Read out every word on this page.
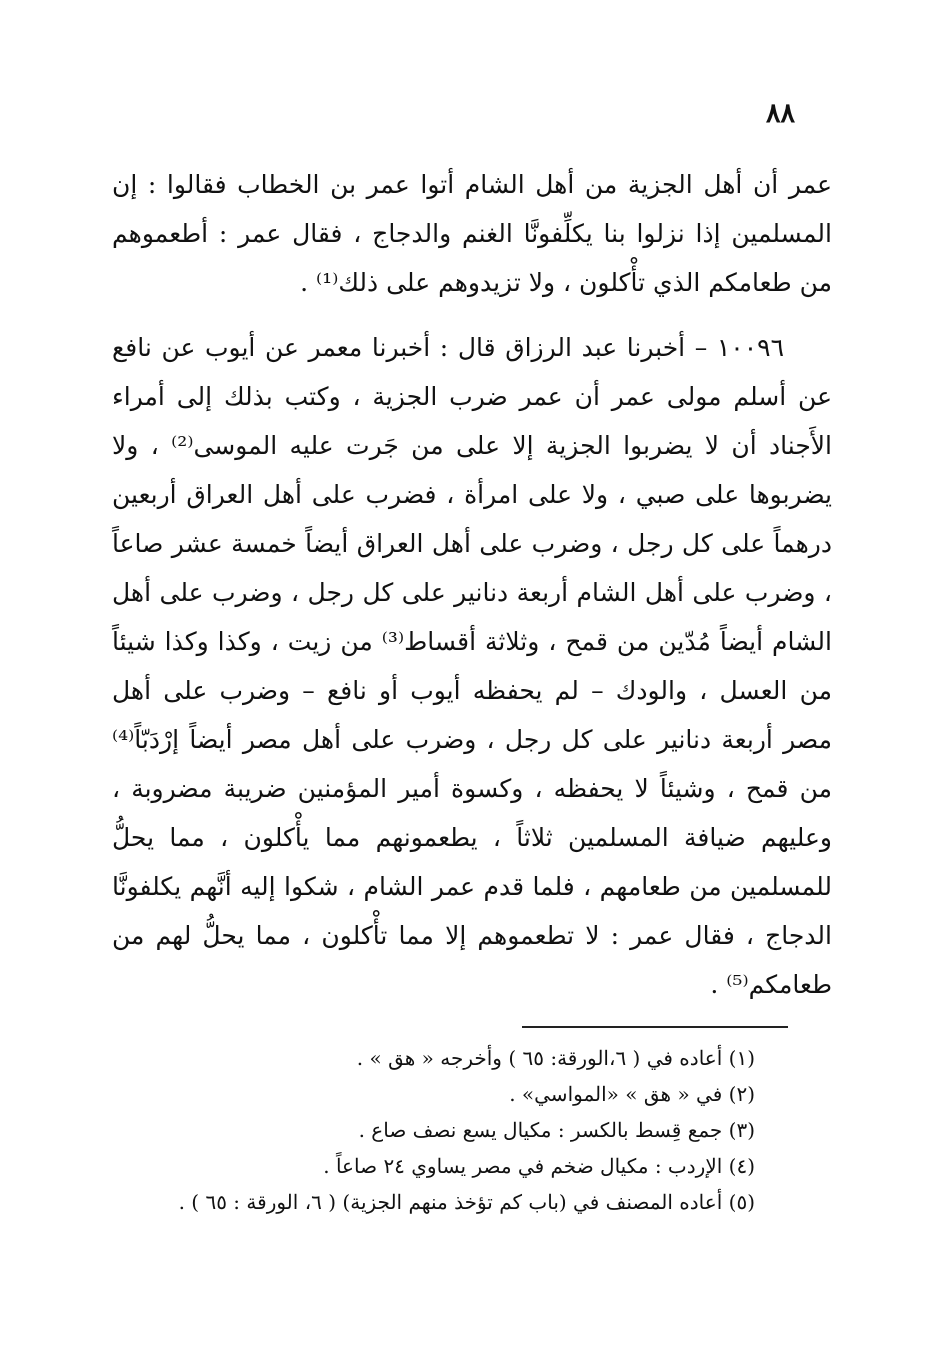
٨٨

عمر أن أهل الجزية من أهل الشام أتوا عمر بن الخطاب فقالوا : إن المسلمين إذا نزلوا بنا يكلِّفونَّا الغنم والدجاج ، فقال عمر : أطعموهم من طعامكم الذي تأْكلون ، ولا تزيدوهم على ذلك⁽¹⁾ .

١٠٠٩٦ – أخبرنا عبد الرزاق قال : أخبرنا معمر عن أيوب عن نافع عن أسلم مولى عمر أن عمر ضرب الجزية ، وكتب بذلك إلى أمراء الأَجناد أن لا يضربوا الجزية إلا على من جَرت عليه الموسى⁽²⁾ ، ولا يضربوها على صبي ، ولا على امرأة ، فضرب على أهل العراق أربعين درهماً على كل رجل ، وضرب على أهل العراق أيضاً خمسة عشر صاعاً ، وضرب على أهل الشام أربعة دنانير على كل رجل ، وضرب على أهل الشام أيضاً مُدّين من قمح ، وثلاثة أقساط⁽³⁾ من زيت ، وكذا وكذا شيئاً من العسل ، والودك – لم يحفظه أيوب أو نافع – وضرب على أهل مصر أربعة دنانير على كل رجل ، وضرب على أهل مصر أيضاً إرْدَبّاً⁽⁴⁾ من قمح ، وشيئاً لا يحفظه ، وكسوة أمير المؤمنين ضريبة مضروبة ، وعليهم ضيافة المسلمين ثلاثاً ، يطعمونهم مما يأْكلون ، مما يحلُّ للمسلمين من طعامهم ، فلما قدم عمر الشام ، شكوا إليه أنَّهم يكلفونَّا الدجاج ، فقال عمر : لا تطعموهم إلا مما تأْكلون ، مما يحلُّ لهم من طعامكم⁽⁵⁾ .

(١) أعاده في ( ٦،الورقة: ٦٥ ) وأخرجه « هق » .
(٢) في « هق » «المواسي» .
(٣) جمع قِسط بالكسر : مكيال يسع نصف صاع .
(٤) الإردب : مكيال ضخم في مصر يساوي ٢٤ صاعاً .
(٥) أعاده المصنف في (باب كم تؤخذ منهم الجزية) ( ٦، الورقة : ٦٥ ) .
